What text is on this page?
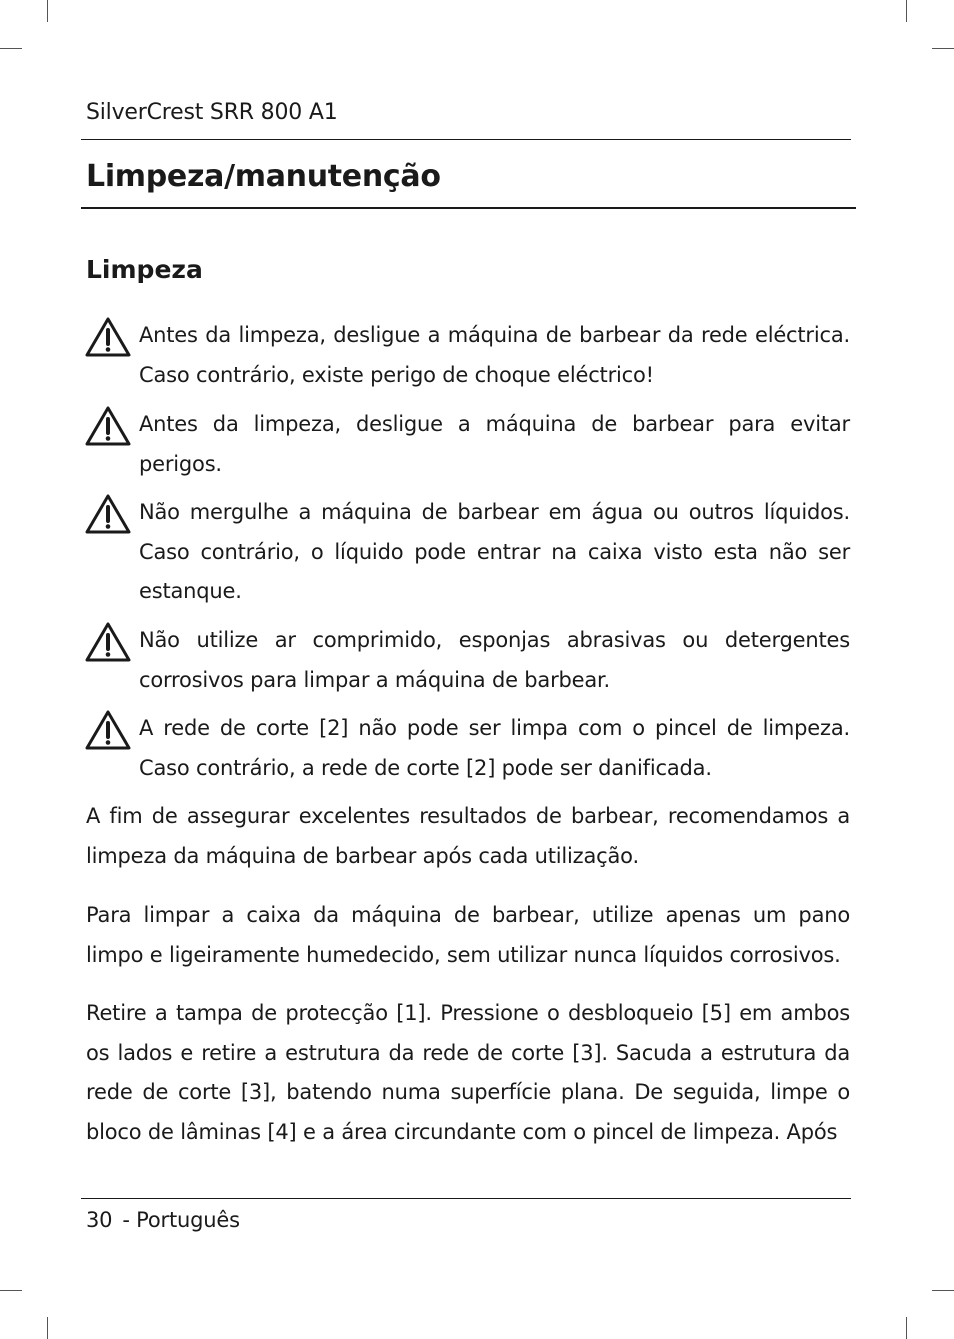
SilverCrest SRR 800 A1
Limpeza/manutenção
Limpeza
Antes da limpeza, desligue a máquina de barbear da rede eléctrica. Caso contrário, existe perigo de choque eléctrico!
Antes da limpeza, desligue a máquina de barbear para evitar perigos.
Não mergulhe a máquina de barbear em água ou outros líquidos. Caso contrário, o líquido pode entrar na caixa visto esta não ser estanque.
Não utilize ar comprimido, esponjas abrasivas ou detergentes corrosivos para limpar a máquina de barbear.
A rede de corte [2] não pode ser limpa com o pincel de limpeza. Caso contrário, a rede de corte [2] pode ser danificada.
A fim de assegurar excelentes resultados de barbear, recomendamos a limpeza da máquina de barbear após cada utilização.
Para limpar a caixa da máquina de barbear, utilize apenas um pano limpo e ligeiramente humedecido, sem utilizar nunca líquidos corrosivos.
Retire a tampa de protecção [1]. Pressione o desbloqueio [5] em ambos os lados e retire a estrutura da rede de corte [3]. Sacuda a estrutura da rede de corte [3], batendo numa superfície plana. De seguida, limpe o bloco de lâminas [4] e a área circundante com o pincel de limpeza. Após
30 - Português
